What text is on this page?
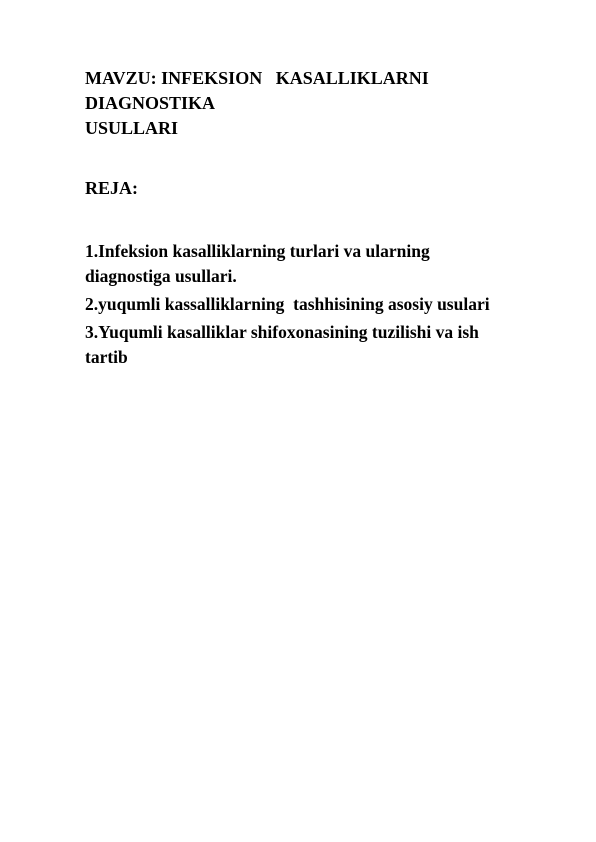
MAVZU: INFEKSION   KASALLIKLARNI
DIAGNOSTIKA
USULLARI
REJA:
1.Infeksion kasalliklarning turlari va ularning
diagnostiga usullari.
2.yuqumli kassalliklarning  tashhisining asosiy usulari
3.Yuqumli kasalliklar shifoxonasining tuzilishi va ish
tartib
